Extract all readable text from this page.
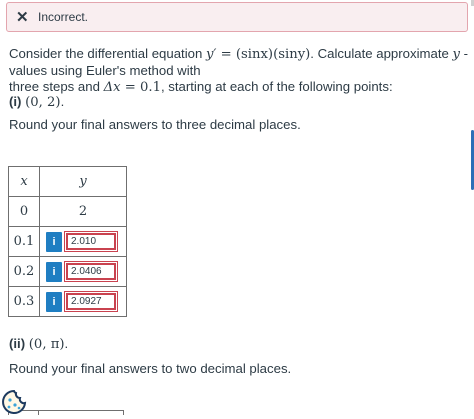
✕ Incorrect.
Consider the differential equation y′ = (sinx)(siny). Calculate approximate y -values using Euler's method with
three steps and Δx = 0.1, starting at each of the following points:
(i) (0, 2).
Round your final answers to three decimal places.
x	y
0	2
0.1	i 2.010

0.2	i 2.0406

0.3	i 2.0927
(ii) (0, π).
Round your final answers to two decimal places.
